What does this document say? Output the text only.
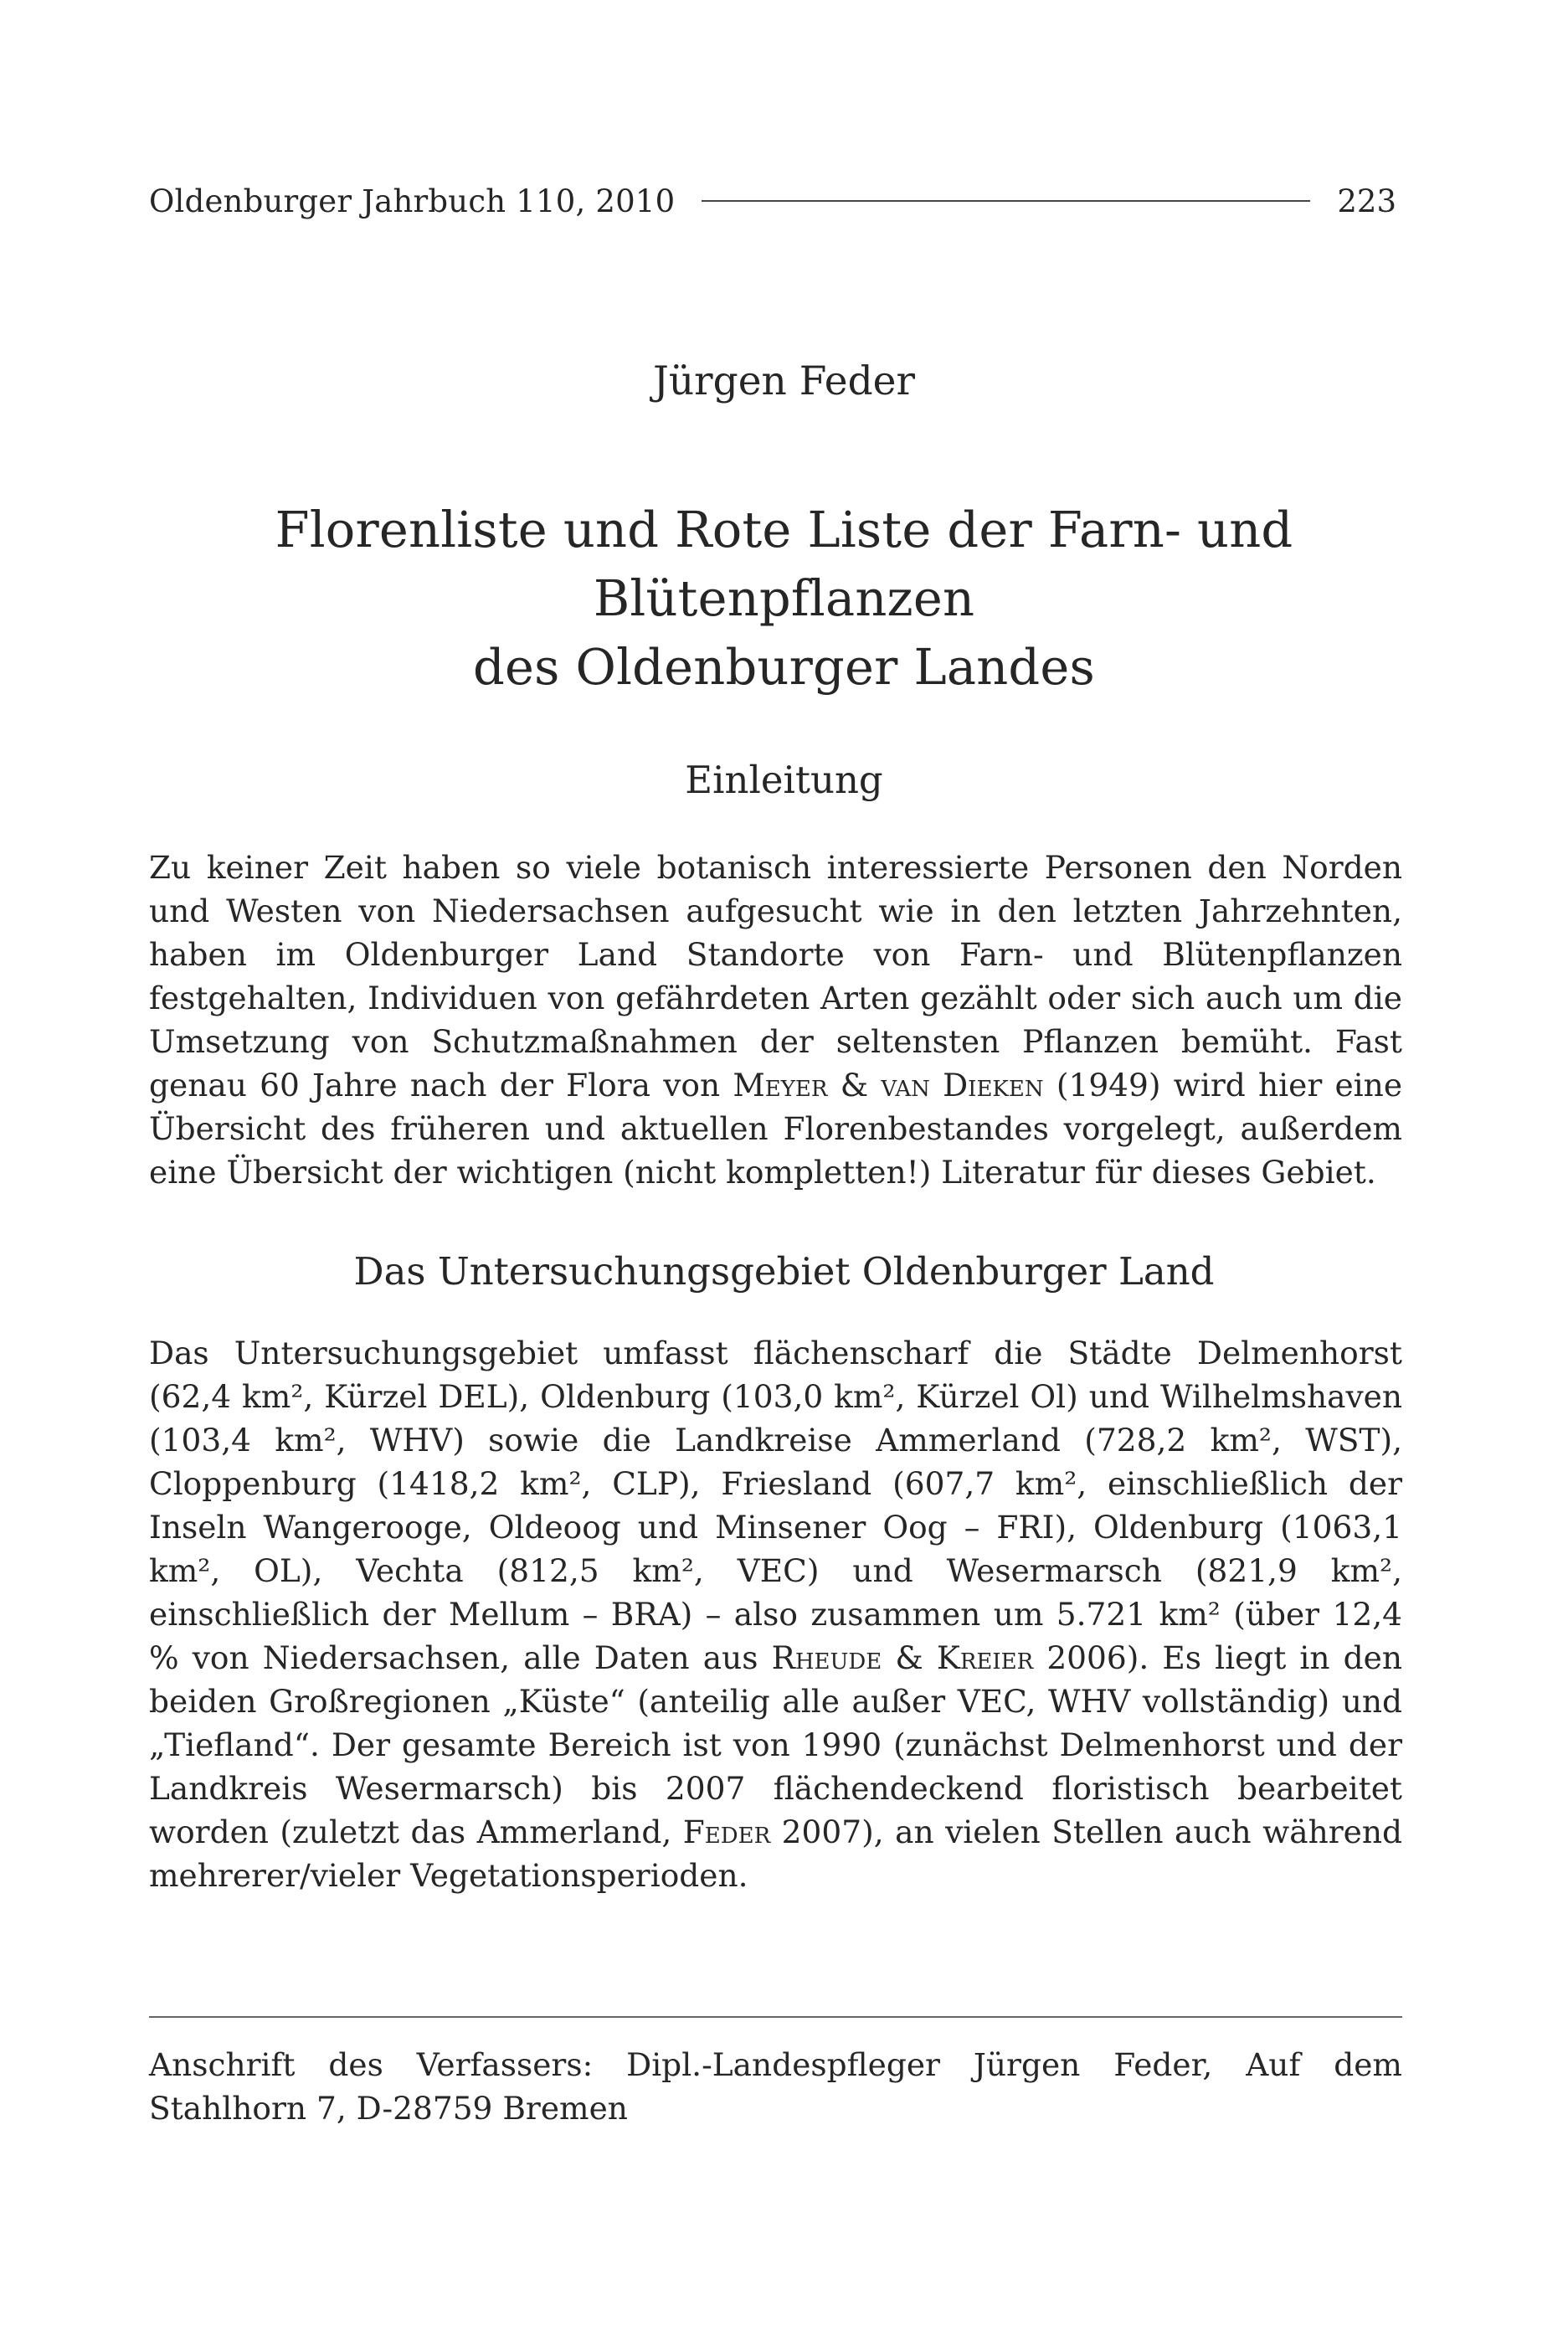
Oldenburger Jahrbuch 110, 2010	223
Jürgen Feder
Florenliste und Rote Liste der Farn- und Blütenpflanzen
des Oldenburger Landes
Einleitung

Zu keiner Zeit haben so viele botanisch interessierte Personen den Norden und Westen von Niedersachsen aufgesucht wie in den letzten Jahrzehnten, haben im Oldenburger Land Standorte von Farn- und Blütenpflanzen festgehalten, Individuen von gefährdeten Arten gezählt oder sich auch um die Umsetzung von Schutzmaßnahmen der seltensten Pflanzen bemüht. Fast genau 60 Jahre nach der Flora von Meyer & van Dieken (1949) wird hier eine Übersicht des früheren und aktuellen Florenbestandes vorgelegt, außerdem eine Übersicht der wichtigen (nicht kompletten!) Literatur für dieses Gebiet.

Das Untersuchungsgebiet Oldenburger Land

Das Untersuchungsgebiet umfasst flächenscharf die Städte Delmenhorst (62,4 km², Kürzel DEL), Oldenburg (103,0 km², Kürzel Ol) und Wilhelmshaven (103,4 km², WHV) sowie die Landkreise Ammerland (728,2 km², WST), Cloppenburg (1418,2 km², CLP), Friesland (607,7 km², einschließlich der Inseln Wangerooge, Oldeoog und Minsener Oog – FRI), Oldenburg (1063,1 km², OL), Vechta (812,5 km², VEC) und Wesermarsch (821,9 km², einschließlich der Mellum – BRA) – also zusammen um 5.721 km² (über 12,4 % von Niedersachsen, alle Daten aus Rheude & Kreier 2006). Es liegt in den beiden Großregionen „Küste“ (anteilig alle außer VEC, WHV vollständig) und „Tiefland“. Der gesamte Bereich ist von 1990 (zunächst Delmenhorst und der Landkreis Wesermarsch) bis 2007 flächendeckend floristisch bearbeitet worden (zuletzt das Ammerland, Feder 2007), an vielen Stellen auch während mehrerer/vieler Vegetationsperioden.

Anschrift des Verfassers: Dipl.-Landespfleger Jürgen Feder, Auf dem Stahlhorn 7, D-28759 Bremen
